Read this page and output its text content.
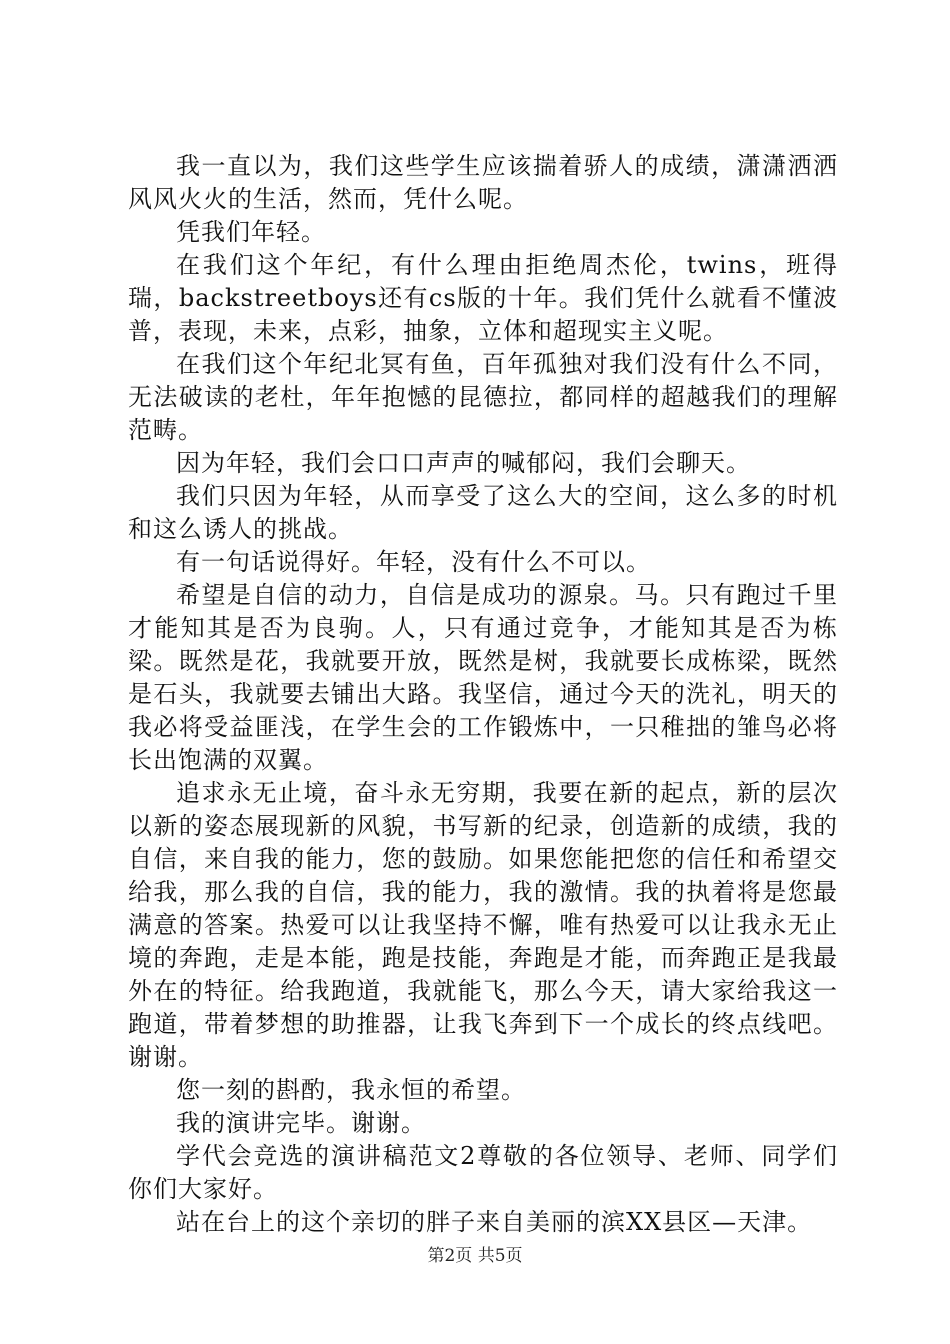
我一直以为，我们这些学生应该揣着骄人的成绩，潇潇洒洒风风火火的生活，然而，凭什么呢。

凭我们年轻。

在我们这个年纪，有什么理由拒绝周杰伦，twins，班得瑞，backstreetboys还有cs版的十年。我们凭什么就看不懂波普，表现，未来，点彩，抽象，立体和超现实主义呢。

在我们这个年纪北冥有鱼，百年孤独对我们没有什么不同，无法破读的老杜，年年抱憾的昆德拉，都同样的超越我们的理解范畴。

因为年轻，我们会口口声声的喊郁闷，我们会聊天。

我们只因为年轻，从而享受了这么大的空间，这么多的时机和这么诱人的挑战。

有一句话说得好。年轻，没有什么不可以。

希望是自信的动力，自信是成功的源泉。马。只有跑过千里才能知其是否为良驹。人，只有通过竞争，才能知其是否为栋梁。既然是花，我就要开放，既然是树，我就要长成栋梁，既然是石头，我就要去铺出大路。我坚信，通过今天的洗礼，明天的我必将受益匪浅，在学生会的工作锻炼中，一只稚拙的雏鸟必将长出饱满的双翼。

追求永无止境，奋斗永无穷期，我要在新的起点，新的层次以新的姿态展现新的风貌，书写新的纪录，创造新的成绩，我的自信，来自我的能力，您的鼓励。如果您能把您的信任和希望交给我，那么我的自信，我的能力，我的激情。我的执着将是您最满意的答案。热爱可以让我坚持不懈，唯有热爱可以让我永无止境的奔跑，走是本能，跑是技能，奔跑是才能，而奔跑正是我最外在的特征。给我跑道，我就能飞，那么今天，请大家给我这一跑道，带着梦想的助推器，让我飞奔到下一个成长的终点线吧。谢谢。

您一刻的斟酌，我永恒的希望。

我的演讲完毕。谢谢。

学代会竞选的演讲稿范文2尊敬的各位领导、老师、同学们你们大家好。

站在台上的这个亲切的胖子来自美丽的滨XX县区—天津。

第2页 共5页
